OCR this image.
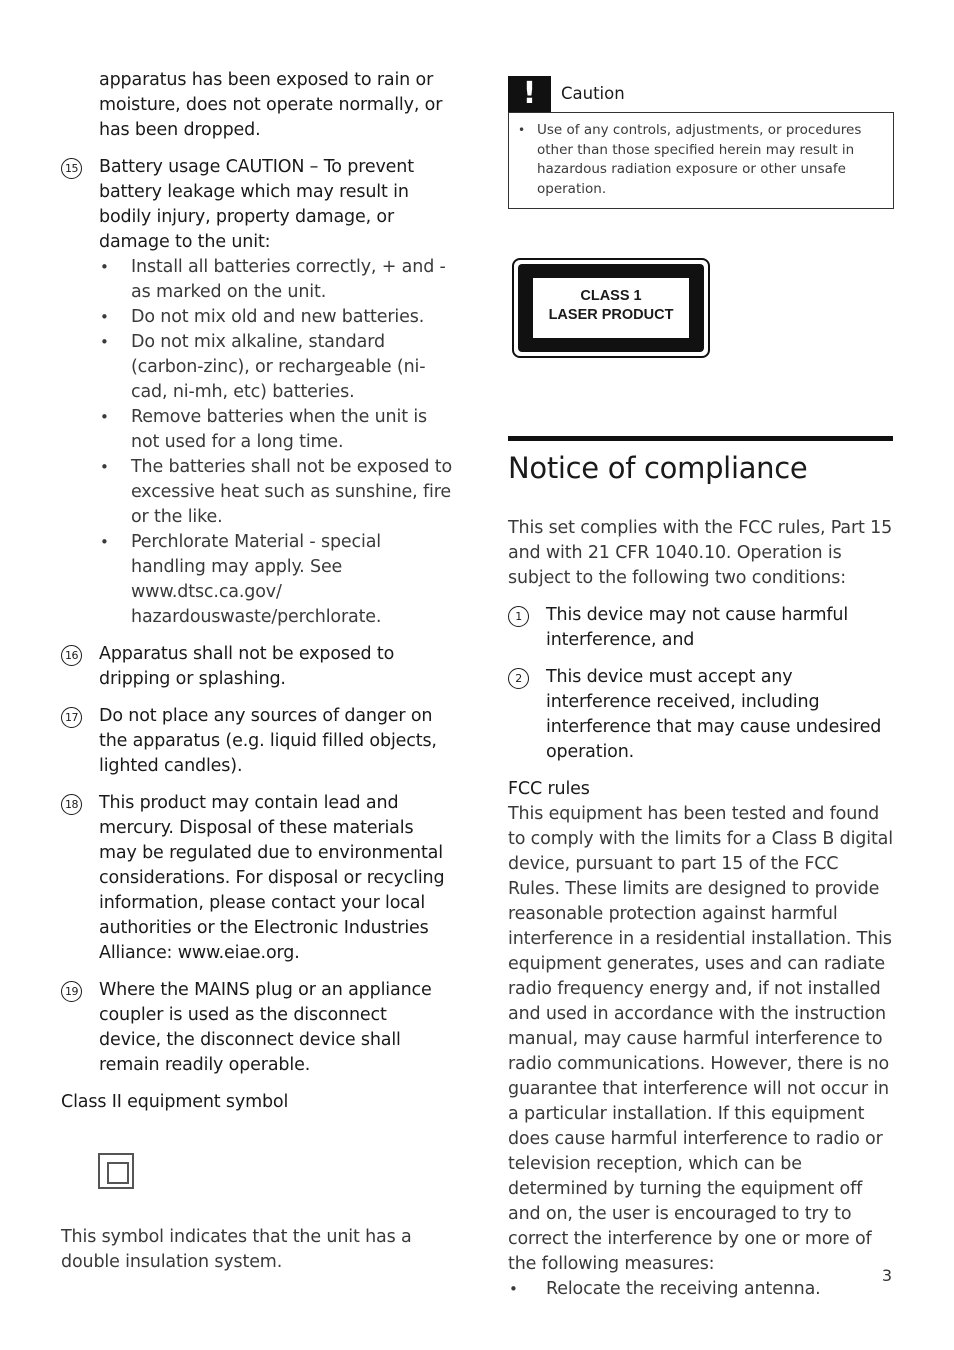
apparatus has been exposed to rain or moisture, does not operate normally, or has been dropped.

15 Battery usage CAUTION – To prevent battery leakage which may result in bodily injury, property damage, or damage to the unit:
• Install all batteries correctly, + and - as marked on the unit.
• Do not mix old and new batteries.
• Do not mix alkaline, standard (carbon-zinc), or rechargeable (ni-cad, ni-mh, etc) batteries.
• Remove batteries when the unit is not used for a long time.
• The batteries shall not be exposed to excessive heat such as sunshine, fire or the like.
• Perchlorate Material - special handling may apply. See www.dtsc.ca.gov/ hazardouswaste/perchlorate.
16 Apparatus shall not be exposed to dripping or splashing.
17 Do not place any sources of danger on the apparatus (e.g. liquid filled objects, lighted candles).
18 This product may contain lead and mercury. Disposal of these materials may be regulated due to environmental considerations. For disposal or recycling information, please contact your local authorities or the Electronic Industries Alliance: www.eiae.org.
19 Where the MAINS plug or an appliance coupler is used as the disconnect device, the disconnect device shall remain readily operable.
Class II equipment symbol
This symbol indicates that the unit has a double insulation system.
!	Caution
• Use of any controls, adjustments, or procedures other than those specified herein may result in hazardous radiation exposure or other unsafe operation.
CLASS 1
LASER PRODUCT
Notice of compliance
This set complies with the FCC rules, Part 15 and with 21 CFR 1040.10. Operation is subject to the following two conditions:
1	This device may not cause harmful interference, and
2	This device must accept any interference received, including interference that may cause undesired operation.
FCC rules
This equipment has been tested and found to comply with the limits for a Class B digital device, pursuant to part 15 of the FCC Rules. These limits are designed to provide reasonable protection against harmful interference in a residential installation. This equipment generates, uses and can radiate radio frequency energy and, if not installed and used in accordance with the instruction manual, may cause harmful interference to radio communications. However, there is no guarantee that interference will not occur in a particular installation. If this equipment does cause harmful interference to radio or television reception, which can be determined by turning the equipment off and on, the user is encouraged to try to correct the interference by one or more of the following measures:
• Relocate the receiving antenna.
3
